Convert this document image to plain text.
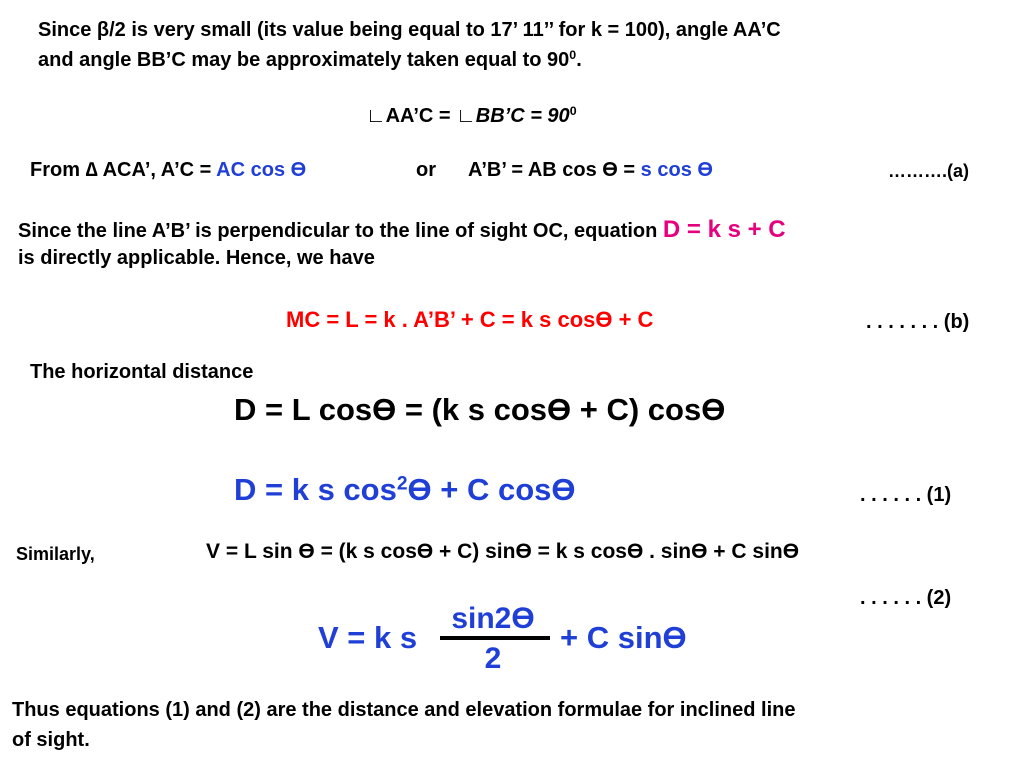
Since β/2 is very small (its value being equal to 17’ 11’’ for k = 100), angle AA’C
and angle BB’C may be approximately taken equal to $90^0$.
∟AA’C = ∟BB’C = $90^0$
From ∆ ACA’, A’C = AC cos Ɵ	or A’B’ = AB cos Ɵ = s cos Ɵ	……….(a)
Since the line A’B’ is perpendicular to the line of sight OC, equation D = k s + C
is directly applicable. Hence, we have
MC = L = k . A’B’ + C = k s cosƟ + C	. . . . . . . (b)
The horizontal distance
D = L cosƟ = (k s cosƟ + C) cosƟ
D = k s $\cos^2Ɵ + C$ cosƟ	. . . . . . (1)
Similarly,	V = L sin Ɵ = (k s cosƟ + C) sinƟ = k s cosƟ . sinƟ + C sinƟ
. . . . . . (2)
V = k s
sin2Ɵ
2
+ C sinƟ
Thus equations (1) and (2) are the distance and elevation formulae for inclined line
of sight.
